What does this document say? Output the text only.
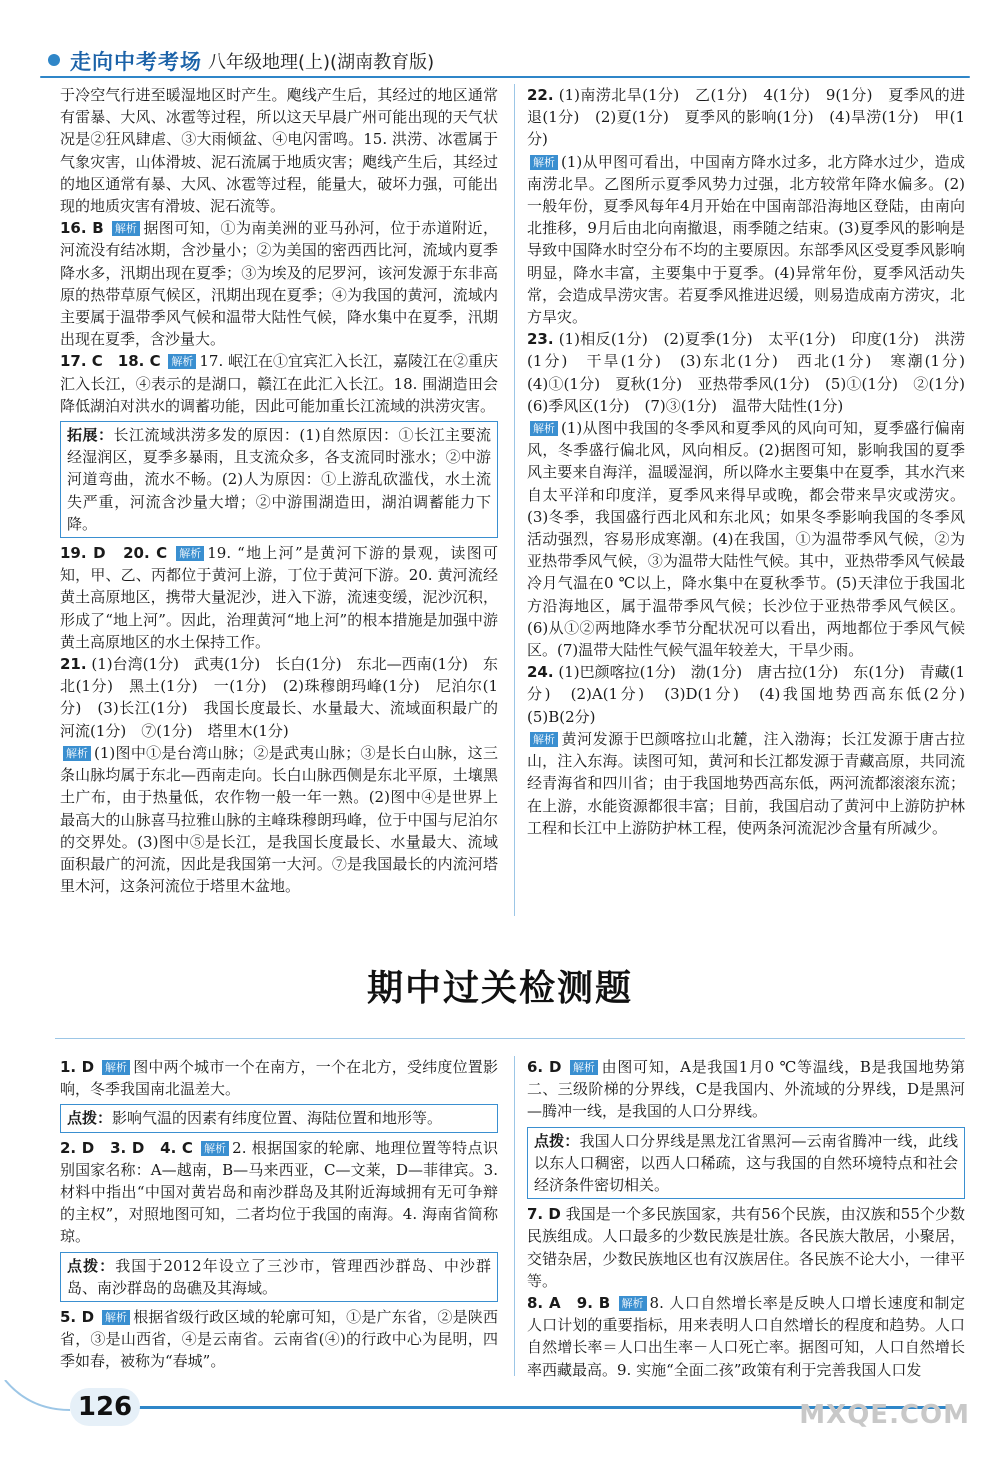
走向中考考场 八年级地理(上)(湖南教育版)

于冷空气行进至暖湿地区时产生。飑线产生后，其经过的地区通常有雷暴、大风、冰雹等过程，所以这天早晨广州可能出现的天气状况是②狂风肆虐、③大雨倾盆、④电闪雷鸣。15. 洪涝、冰雹属于气象灾害，山体滑坡、泥石流属于地质灾害；飑线产生后，其经过的地区通常有暴、大风、冰雹等过程，能量大，破坏力强，可能出现的地质灾害有滑坡、泥石流等。

16. B 解析 据图可知，①为南美洲的亚马孙河，位于赤道附近，河流没有结冰期，含沙量小；②为美国的密西西比河，流域内夏季降水多，汛期出现在夏季；③为埃及的尼罗河，该河发源于东非高原的热带草原气候区，汛期出现在夏季；④为我国的黄河，流域内主要属于温带季风气候和温带大陆性气候，降水集中在夏季，汛期出现在夏季，含沙量大。

17. C　18. C 解析 17. 岷江在①宜宾汇入长江，嘉陵江在②重庆汇入长江，④表示的是湖口，赣江在此汇入长江。18. 围湖造田会降低湖泊对洪水的调蓄功能，因此可能加重长江流域的洪涝灾害。

拓展：长江流域洪涝多发的原因：(1)自然原因：①长江主要流经湿润区，夏季多暴雨，且支流众多，各支流同时涨水；②中游河道弯曲，流水不畅。(2)人为原因：①上游乱砍滥伐，水土流失严重，河流含沙量大增；②中游围湖造田，湖泊调蓄能力下降。

19. D　20. C 解析 19. “地上河”是黄河下游的景观，读图可知，甲、乙、丙都位于黄河上游，丁位于黄河下游。20. 黄河流经黄土高原地区，携带大量泥沙，进入下游，流速变缓，泥沙沉积，形成了“地上河”。因此，治理黄河“地上河”的根本措施是加强中游黄土高原地区的水土保持工作。

21. (1)台湾(1分)　武夷(1分)　长白(1分)　东北—西南(1分)　东北(1分)　黑土(1分)　一(1分)　(2)珠穆朗玛峰(1分)　尼泊尔(1分)　(3)长江(1分)　我国长度最长、水量最大、流域面积最广的河流(1分)　⑦(1分)　塔里木(1分)

解析 (1)图中①是台湾山脉；②是武夷山脉；③是长白山脉，这三条山脉均属于东北—西南走向。长白山脉西侧是东北平原，土壤黑土广布，由于热量低，农作物一般一年一熟。(2)图中④是世界上最高大的山脉喜马拉雅山脉的主峰珠穆朗玛峰，位于中国与尼泊尔的交界处。(3)图中⑤是长江，是我国长度最长、水量最大、流域面积最广的河流，因此是我国第一大河。⑦是我国最长的内流河塔里木河，这条河流位于塔里木盆地。

22. (1)南涝北旱(1分)　乙(1分)　4(1分)　9(1分)　夏季风的进退(1分)　(2)夏(1分)　夏季风的影响(1分)　(4)旱涝(1分)　甲(1分)

解析 (1)从甲图可看出，中国南方降水过多，北方降水过少，造成南涝北旱。乙图所示夏季风势力过强，北方较常年降水偏多。(2)一般年份，夏季风每年4月开始在中国南部沿海地区登陆，由南向北推移，9月后由北向南撤退，雨季随之结束。(3)夏季风的影响是导致中国降水时空分布不均的主要原因。东部季风区受夏季风影响明显，降水丰富，主要集中于夏季。(4)异常年份，夏季风活动失常，会造成旱涝灾害。若夏季风推进迟缓，则易造成南方涝灾，北方旱灾。

23. (1)相反(1分)　(2)夏季(1分)　太平(1分)　印度(1分)　洪涝(1分)　干旱(1分)　(3)东北(1分)　西北(1分)　寒潮(1分)　(4)①(1分)　夏秋(1分)　亚热带季风(1分)　(5)①(1分)　②(1分)　(6)季风区(1分)　(7)③(1分)　温带大陆性(1分)

解析 (1)从图中我国的冬季风和夏季风的风向可知，夏季盛行偏南风，冬季盛行偏北风，风向相反。(2)据图可知，影响我国的夏季风主要来自海洋，温暖湿润，所以降水主要集中在夏季，其水汽来自太平洋和印度洋，夏季风来得早或晚，都会带来旱灾或涝灾。(3)冬季，我国盛行西北风和东北风；如果冬季影响我国的冬季风活动强烈，容易形成寒潮。(4)在我国，①为温带季风气候，②为亚热带季风气候，③为温带大陆性气候。其中，亚热带季风气候最冷月气温在0 ℃以上，降水集中在夏秋季节。(5)天津位于我国北方沿海地区，属于温带季风气候；长沙位于亚热带季风气候区。(6)从①②两地降水季节分配状况可以看出，两地都位于季风气候区。(7)温带大陆性气候气温年较差大，干旱少雨。

24. (1)巴颜喀拉(1分)　渤(1分)　唐古拉(1分)　东(1分)　青藏(1分)　(2)A(1分)　(3)D(1分)　(4)我国地势西高东低(2分)　(5)B(2分)

解析 黄河发源于巴颜喀拉山北麓，注入渤海；长江发源于唐古拉山，注入东海。读图可知，黄河和长江都发源于青藏高原，共同流经青海省和四川省；由于我国地势西高东低，两河流都滚滚东流；在上游，水能资源都很丰富；目前，我国启动了黄河中上游防护林工程和长江中上游防护林工程，使两条河流泥沙含量有所减少。

期中过关检测题

1. D 解析 图中两个城市一个在南方，一个在北方，受纬度位置影响，冬季我国南北温差大。

点拨：影响气温的因素有纬度位置、海陆位置和地形等。

2. D　3. D　4. C 解析 2. 根据国家的轮廓、地理位置等特点识别国家名称：A—越南，B—马来西亚，C—文莱，D—菲律宾。3. 材料中指出“中国对黄岩岛和南沙群岛及其附近海域拥有无可争辩的主权”，对照地图可知，二者均位于我国的南海。4. 海南省简称琼。

点拨：我国于2012年设立了三沙市，管理西沙群岛、中沙群岛、南沙群岛的岛礁及其海域。

5. D 解析 根据省级行政区域的轮廓可知，①是广东省，②是陕西省，③是山西省，④是云南省。云南省(④)的行政中心为昆明，四季如春，被称为“春城”。

6. D 解析 由图可知，A是我国1月0 ℃等温线，B是我国地势第二、三级阶梯的分界线，C是我国内、外流域的分界线，D是黑河—腾冲一线，是我国的人口分界线。

点拨：我国人口分界线是黑龙江省黑河—云南省腾冲一线，此线以东人口稠密，以西人口稀疏，这与我国的自然环境特点和社会经济条件密切相关。

7. D 我国是一个多民族国家，共有56个民族，由汉族和55个少数民族组成。人口最多的少数民族是壮族。各民族大散居，小聚居，交错杂居，少数民族地区也有汉族居住。各民族不论大小，一律平等。

8. A　9. B 解析 8. 人口自然增长率是反映人口增长速度和制定人口计划的重要指标，用来表明人口自然增长的程度和趋势。人口自然增长率＝人口出生率－人口死亡率。据图可知，人口自然增长率西藏最高。9. 实施“全面二孩”政策有利于完善我国人口发

126	MXQE.COM
